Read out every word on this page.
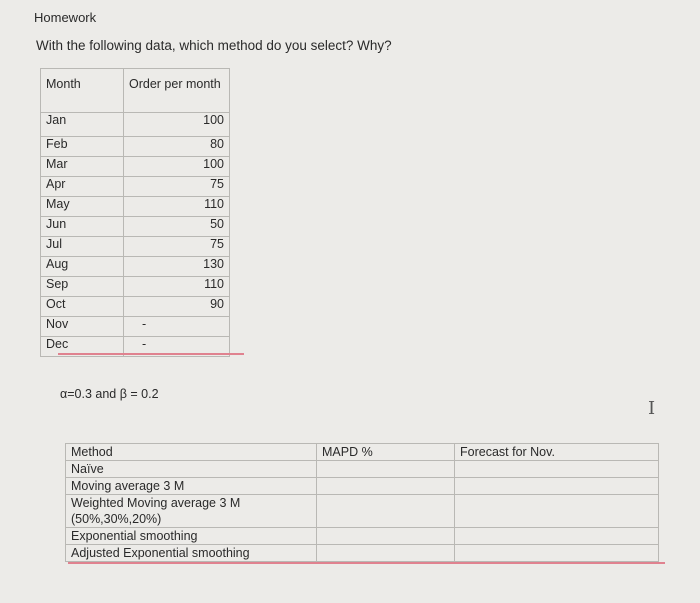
Homework
With the following data, which method do you select? Why?
Month	Order per month
Jan	100
Feb	80
Mar	100
Apr	75
May	110
Jun	50
Jul	75
Aug	130
Sep	110
Oct	90
Nov	-
Dec	-
α=0.3 and β = 0.2
Method	MAPD %	Forecast for Nov.
Naïve		
Moving average 3 M		

Weighted Moving average 3 M
(50%,30%,20%)		

Exponential smoothing		
Adjusted Exponential smoothing		
I
